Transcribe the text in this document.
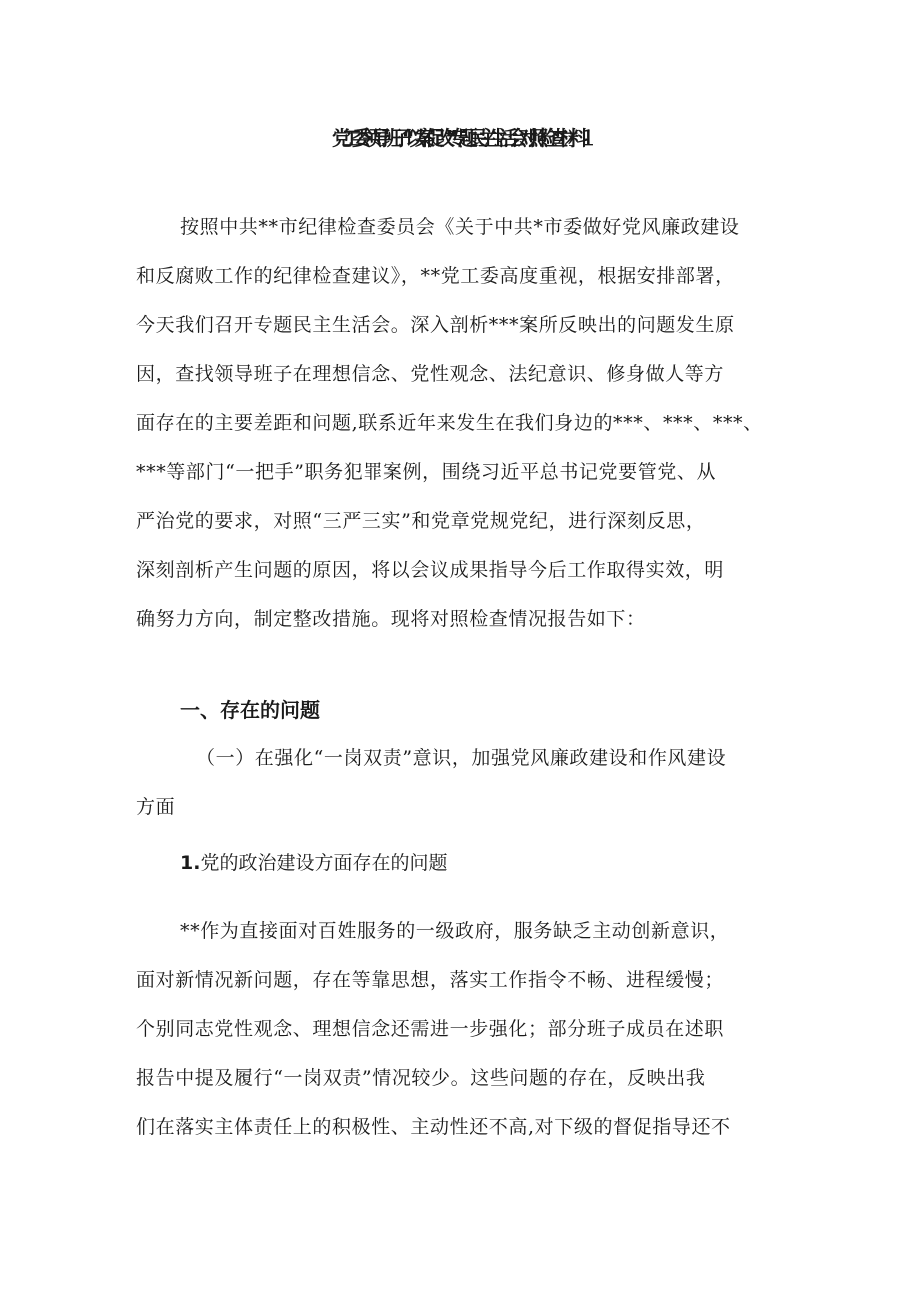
党工委领导班子“以案促改”专题民主生活会对照检查材料１
按照中共**市纪律检查委员会《关于中共*市委做好党风廉政建设
和反腐败工作的纪律检查建议》，**党工委高度重视，根据安排部署，
今天我们召开专题民主生活会。深入剖析***案所反映出的问题发生原
因，查找领导班子在理想信念、党性观念、法纪意识、修身做人等方
面存在的主要差距和问题,联系近年来发生在我们身边的***、***、***、
***等部门“一把手”职务犯罪案例，围绕习近平总书记党要管党、从
严治党的要求，对照“三严三实”和党章党规党纪，进行深刻反思，
深刻剖析产生问题的原因，将以会议成果指导今后工作取得实效，明
确努力方向，制定整改措施。现将对照检查情况报告如下：
一、存在的问题
（一）在强化“一岗双责”意识，加强党风廉政建设和作风建设
方面
1.党的政治建设方面存在的问题
**作为直接面对百姓服务的一级政府，服务缺乏主动创新意识，
面对新情况新问题，存在等靠思想，落实工作指令不畅、进程缓慢；
个别同志党性观念、理想信念还需进一步强化；部分班子成员在述职
报告中提及履行“一岗双责”情况较少。这些问题的存在，反映出我
们在落实主体责任上的积极性、主动性还不高,对下级的督促指导还不
